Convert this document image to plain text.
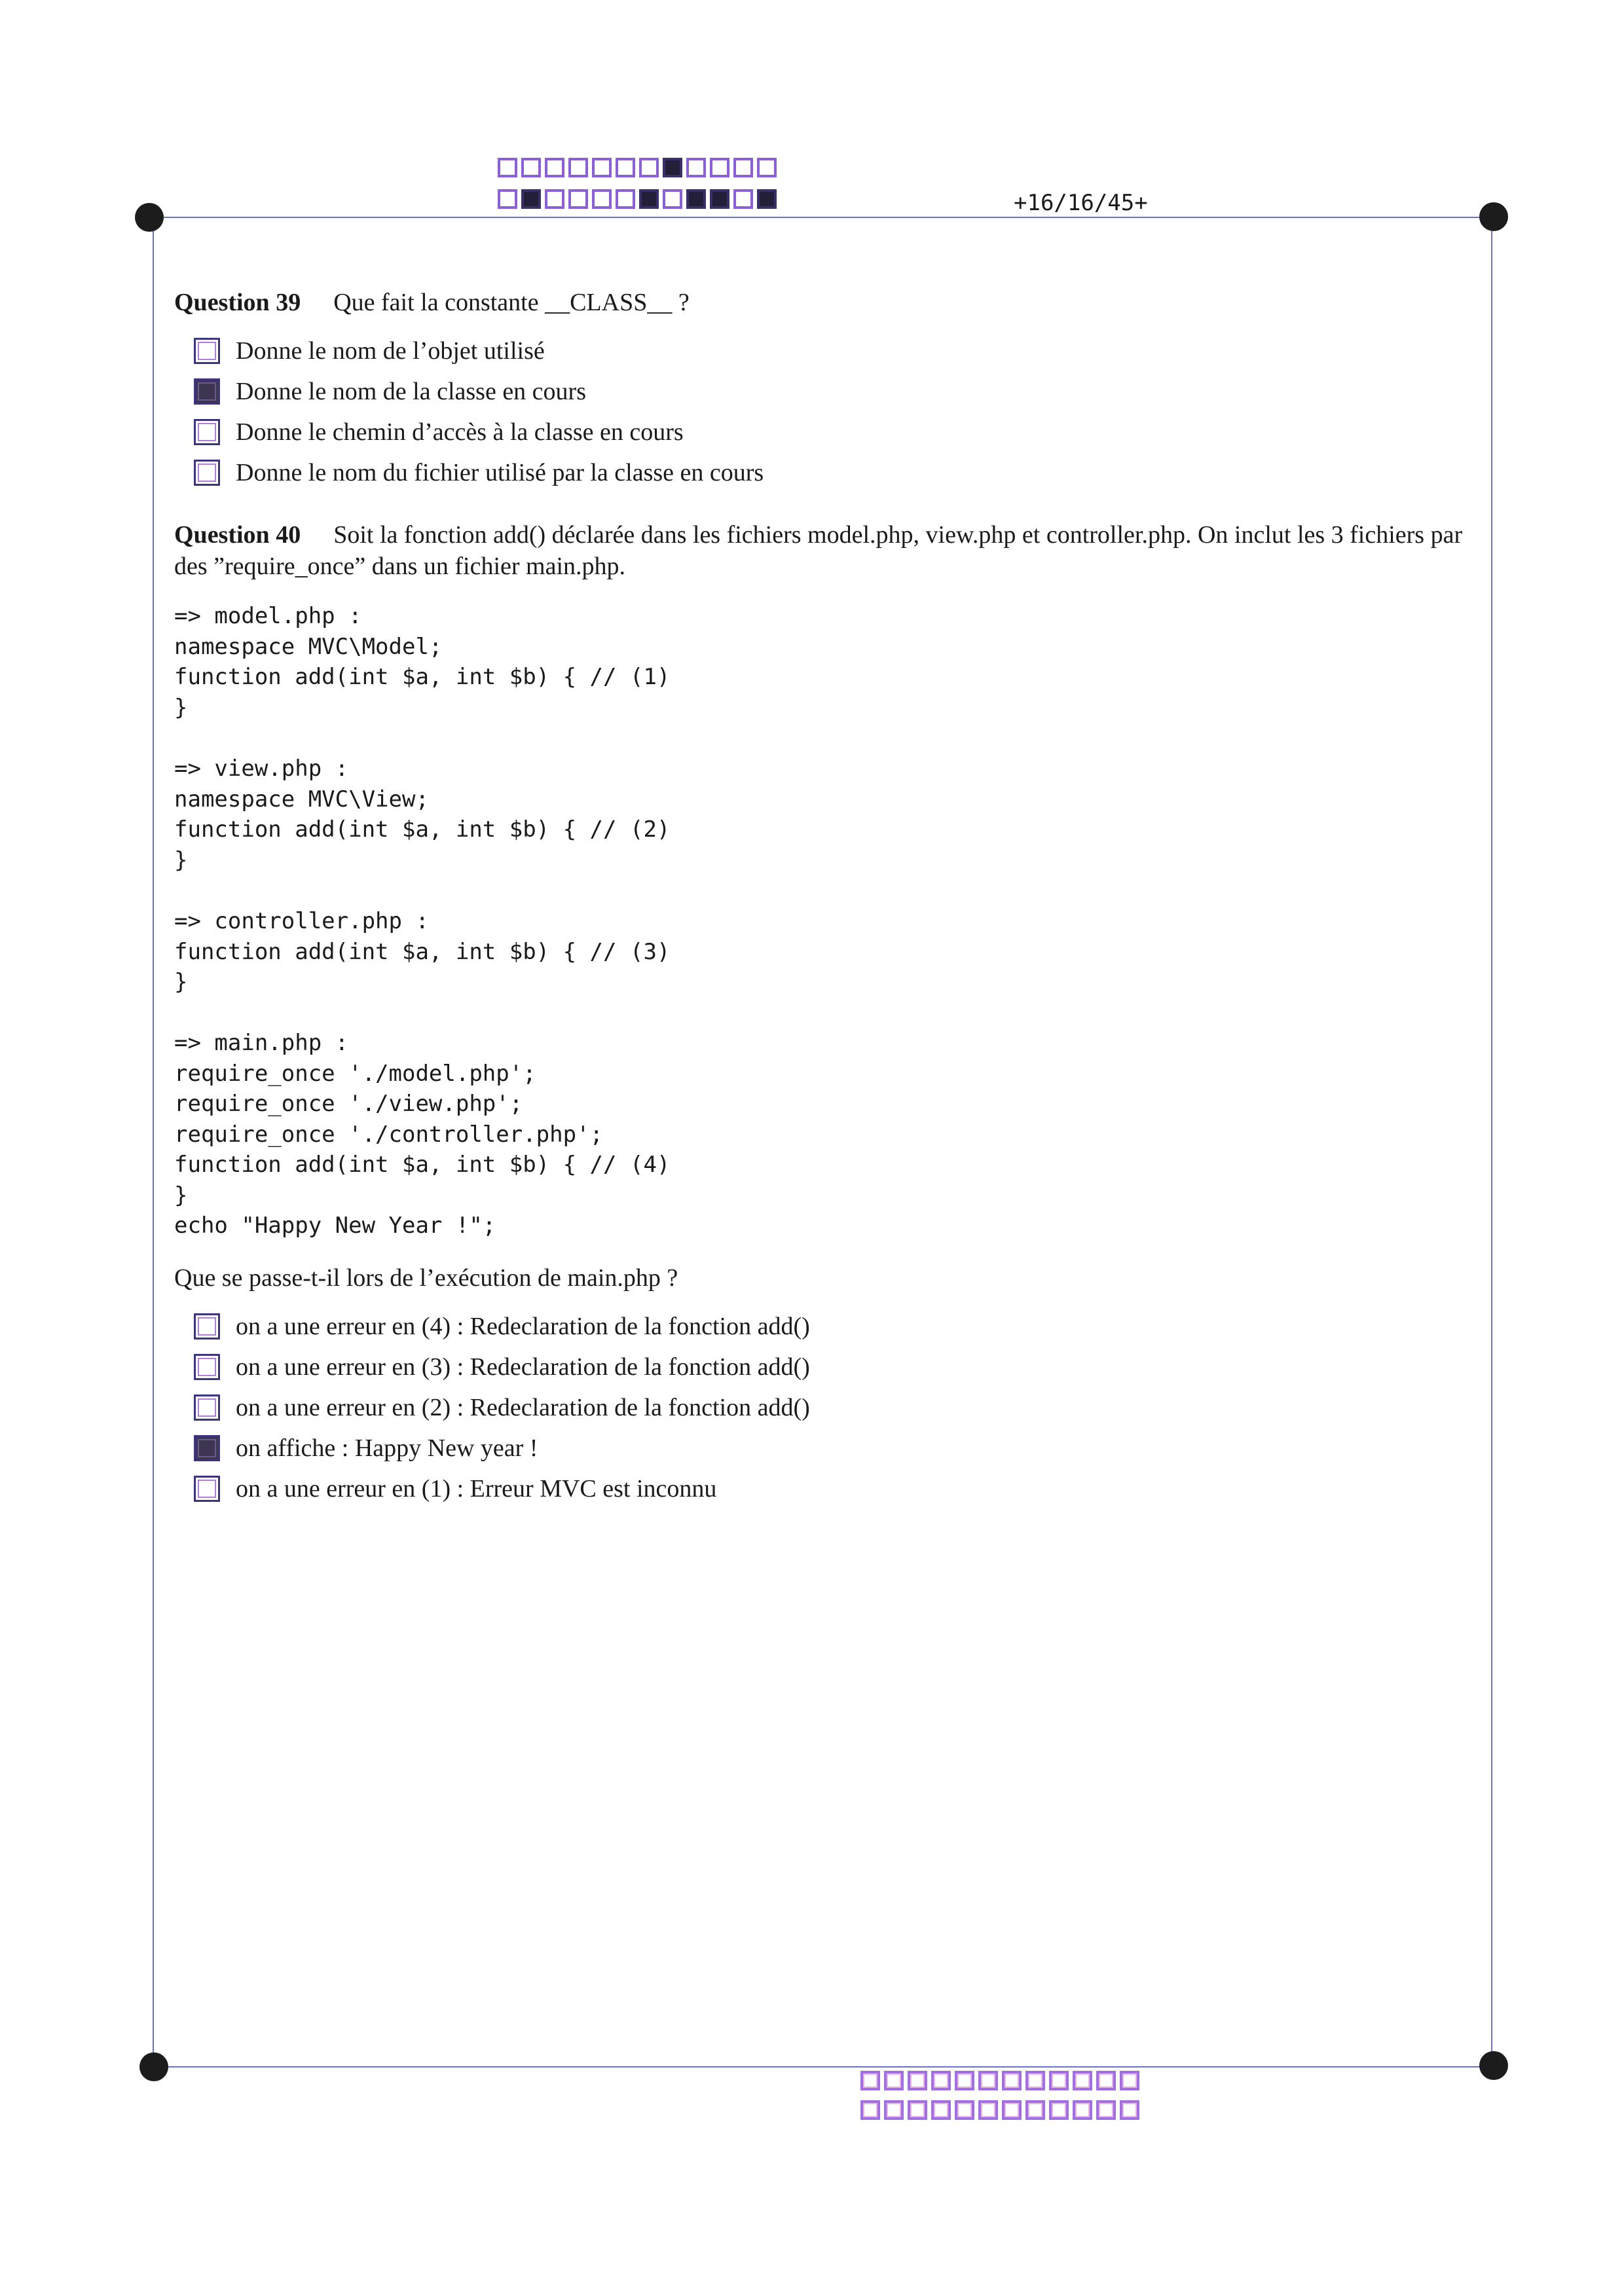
+16/16/45+
Question 39 Que fait la constante __CLASS__ ?
Donne le nom de l’objet utilisé
Donne le nom de la classe en cours
Donne le chemin d’accès à la classe en cours
Donne le nom du fichier utilisé par la classe en cours
Question 40 Soit la fonction add() déclarée dans les fichiers model.php, view.php et controller.php. On inclut les 3 fichiers par des ”require_once” dans un fichier main.php.
=> model.php :
namespace MVC\Model;
function add(int $a, int $b) { // (1)
}
=> view.php :
namespace MVC\View;
function add(int $a, int $b) { // (2)
}
=> controller.php :
function add(int $a, int $b) { // (3)
}
=> main.php :
require_once './model.php';
require_once './view.php';
require_once './controller.php';
function add(int $a, int $b) { // (4)
}
echo "Happy New Year !";
Que se passe-t-il lors de l’exécution de main.php ?
on a une erreur en (4) : Redeclaration de la fonction add()
on a une erreur en (3) : Redeclaration de la fonction add()
on a une erreur en (2) : Redeclaration de la fonction add()
on affiche : Happy New year !
on a une erreur en (1) : Erreur MVC est inconnu
